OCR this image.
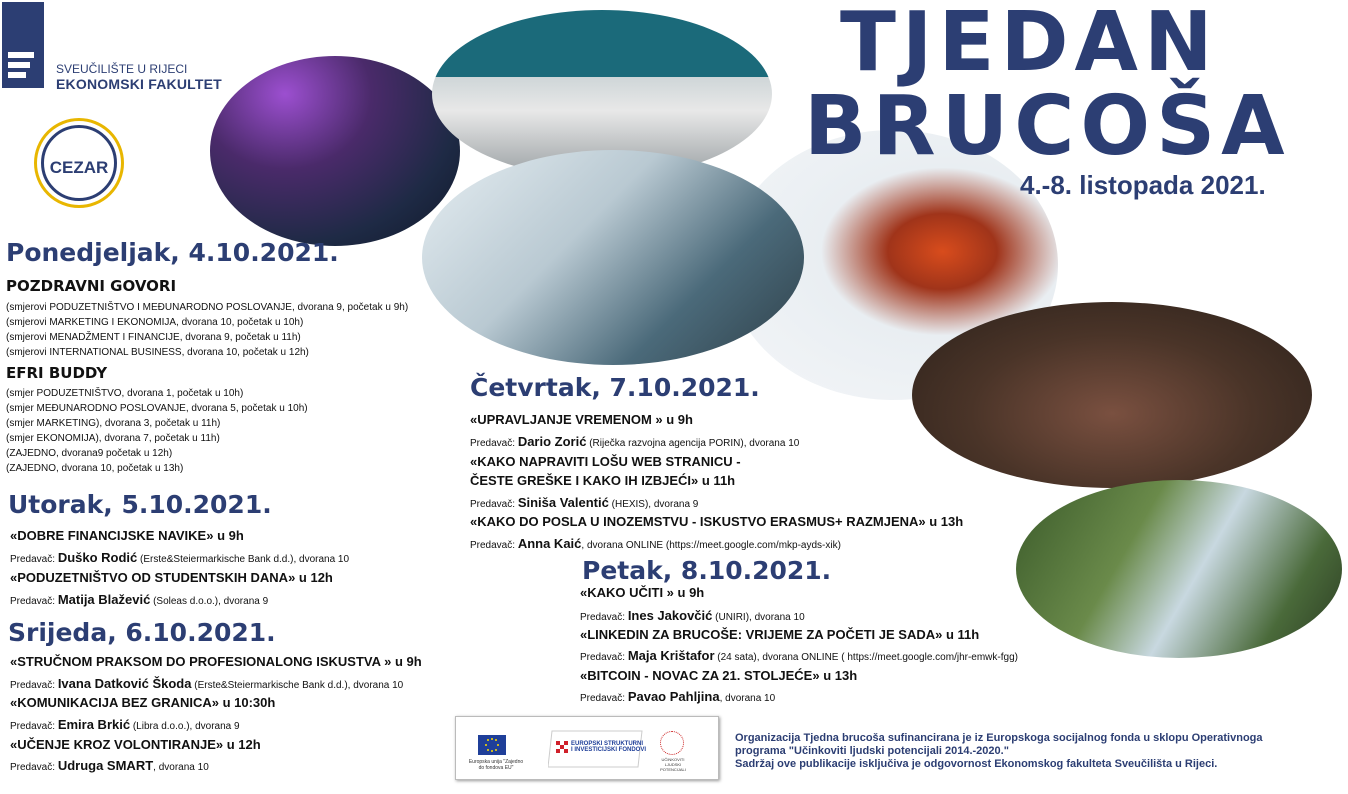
SVEUČILIŠTE U RIJECI
EKONOMSKI FAKULTET
CEZAR
TJEDAN
BRUCOŠA
4.-8. listopada 2021.
Ponedjeljak, 4.10.2021.
POZDRAVNI GOVORI
(smjerovi PODUZETNIŠTVO I MEĐUNARODNO POSLOVANJE, dvorana 9, početak u 9h)
(smjerovi MARKETING I EKONOMIJA, dvorana 10, početak u 10h)
(smjerovi MENADŽMENT I FINANCIJE, dvorana 9, početak u 11h)
(smjerovi INTERNATIONAL BUSINESS, dvorana 10, početak u 12h)
EFRI BUDDY
(smjer PODUZETNIŠTVO, dvorana 1, početak u 10h)
(smjer MEĐUNARODNO POSLOVANJE, dvorana 5, početak u 10h)
(smjer MARKETING), dvorana 3, početak u 11h)
(smjer EKONOMIJA), dvorana 7, početak u 11h)
(ZAJEDNO, dvorana9 početak u 12h)
(ZAJEDNO, dvorana 10, početak u 13h)
Utorak, 5.10.2021.
«DOBRE FINANCIJSKE NAVIKE» u 9h
Predavač: Duško Rodić (Erste&Steiermarkische Bank d.d.), dvorana 10
«PODUZETNIŠTVO OD STUDENTSKIH DANA» u 12h
Predavač: Matija Blažević (Soleas d.o.o.), dvorana 9
Srijeda, 6.10.2021.
«STRUČNOM PRAKSOM DO PROFESIONALONG ISKUSTVA » u 9h
Predavač: Ivana Datković Škoda (Erste&Steiermarkische Bank d.d.), dvorana 10
«KOMUNIKACIJA BEZ GRANICA» u 10:30h
Predavač: Emira Brkić (Libra d.o.o.), dvorana 9
«UČENJE KROZ VOLONTIRANJE» u 12h
Predavač: Udruga SMART, dvorana 10
Četvrtak, 7.10.2021.
«UPRAVLJANJE VREMENOM » u 9h
Predavač: Dario Zorić (Riječka razvojna agencija PORIN), dvorana 10
«KAKO NAPRAVITI LOŠU WEB STRANICU -
ČESTE GREŠKE I KAKO IH IZBJEĆI» u 11h
Predavač: Siniša Valentić (HEXIS), dvorana 9
«KAKO DO POSLA U INOZEMSTVU - ISKUSTVO ERASMUS+ RAZMJENA» u 13h
Predavač: Anna Kaić, dvorana ONLINE (https://meet.google.com/mkp-ayds-xik)
Petak, 8.10.2021.
«KAKO UČITI » u 9h
Predavač: Ines Jakovčić (UNIRI), dvorana 10
«LINKEDIN ZA BRUCOŠE: VRIJEME ZA POČETI JE SADA» u 11h
Predavač: Maja Krištafor (24 sata), dvorana ONLINE ( https://meet.google.com/jhr-emwk-fgg)
«BITCOIN - NOVAC ZA 21. STOLJEĆE» u 13h
Predavač: Pavao Pahljina, dvorana 10
Europska unija "Zajedno do fondova EU"
EUROPSKI STRUKTURNI I INVESTICIJSKI FONDOVI
UČINKOVITI LJUDSKI POTENCIJALI
Organizacija Tjedna brucoša sufinancirana je iz Europskoga socijalnog fonda u sklopu Operativnoga
programa "Učinkoviti ljudski potencijali 2014.-2020."
Sadržaj ove publikacije isključiva je odgovornost Ekonomskog fakulteta Sveučilišta u Rijeci.
